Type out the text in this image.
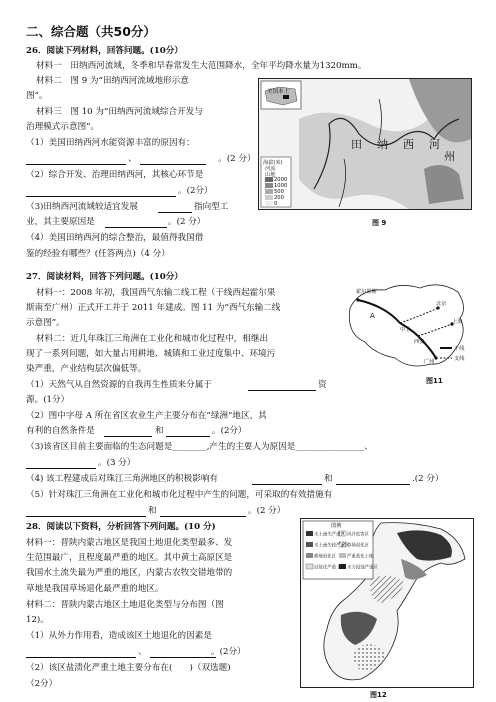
二、综合题（共50分）
26．阅读下列材料，回答问题。(10分）
材料一　田纳西河流域，冬季和早春常发生大范围降水，全年平均降水量为1320mm。
材料二　图 9 为“田纳西河流域地形示意
图”。
材料三　图 10 为“田纳西河流域综合开发与
治理模式示意图”。
（1）美国田纳西河水能资源丰富的原因有：
、　　　　　　　　　　。(2 分）
（2）综合开发、治理田纳西河，其核心环节是
。(2分）
（3)田纳西河流域较适宜发展	指向型工
业，其主要原因是	。(2 分）
（4）美国田纳西河的综合整治，最值得我国借
鉴的经验有哪些？(任答两点)（4 分）
美国本土
田　纳　西　河
州
海拔(米)
2000
1000
500
200
0
河流
山地
图 9
27．阅读材料，回答下列问题。(10分）
材料一：2008 年初，我国西气东输二线工程（干线西起霍尔果
斯南至广州）正式开工并于 2011 年建成。图 11 为“西气东输二线
示意图”。
材料二：近几年珠江三角洲在工业化和城市化过程中，相继出
现了一系列问题，如大量占用耕地、城镇和工业过度集中、环境污
染严重，产业结构层次偏低等。
（1）天然气从自然资源的自我再生性质来分属于	资
源。(1分）
（2）图中字母 A 所在省区农业生产主要分布在“绿洲”地区，其
有利的自然条件是	和	。(2分）
（3)该省区目前主要面临的生态问题是________,产生的主要人为原因是________________、
。(3 分）
（4) 该工程建成后对珠江三角洲地区的积极影响有	和	.(2 分）
（5）针对珠江三角洲在工业化和城市化过程中产生的问题，可采取的有效措施有
和	。(2 分）
霍尔果斯
A
中卫
北京
上海
广州
西安
干线
支线
图11
28．阅读以下资料，分析回答下列问题。(10 分)
材料一：晋陕内蒙古地区是我国土地退化类型最多、发
生范围最广，且程度最严重的地区。其中黄土高原区是
我国水土流失最为严重的地区，内蒙古农牧交错地带的
草地是我国草场退化最严重的地区。
材料二：晋陕内蒙古地区土地退化类型与分布图（图
12)。
（1）从外力作用看，造成该区土地退化的因素是
、　　　　　　　　。(2分）
（2）该区盐渍化严重土地主要分布在(　　)（双选题)
（2分）
图例
水土流失严重区 风沙危害区
水土流失较严重区
草场退化区
耕地退化区 严重盐化土地
近盐化严重土地 水力侵蚀严重区
图12
